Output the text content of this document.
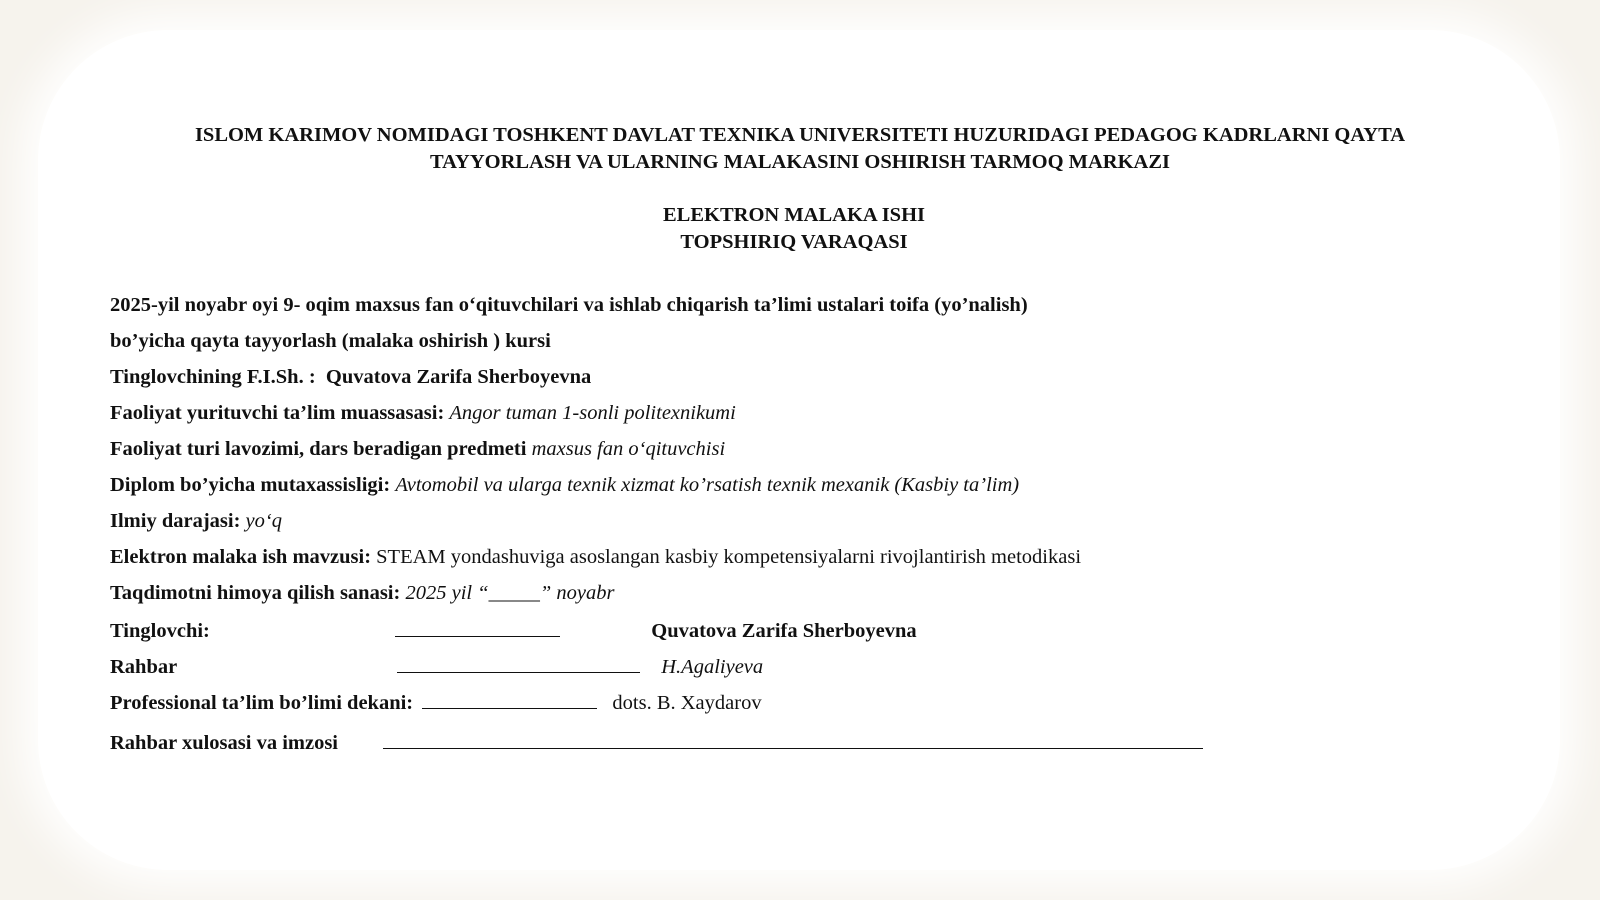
ISLOM KARIMOV NOMIDAGI TOSHKENT DAVLAT TEXNIKA UNIVERSITETI HUZURIDAGI PEDAGOG KADRLARNI QAYTA
TAYYORLASH VA ULARNING MALAKASINI OSHIRISH TARMOQ MARKAZI
ELEKTRON MALAKA ISHI
TOPSHIRIQ VARAQASI
2025-yil noyabr oyi 9- oqim maxsus fan o‘qituvchilari va ishlab chiqarish ta’limi ustalari toifa (yo’nalish)
bo’yicha qayta tayyorlash (malaka oshirish ) kursi
Tinglovchining F.I.Sh. : Quvatova Zarifa Sherboyevna
Faoliyat yurituvchi ta’lim muassasasi: Angor tuman 1-sonli politexnikumi
Faoliyat turi lavozimi, dars beradigan predmeti maxsus fan o‘qituvchisi
Diplom bo’yicha mutaxassisligi: Avtomobil va ularga texnik xizmat ko’rsatish texnik mexanik (Kasbiy ta’lim)
Ilmiy darajasi: yo‘q
Elektron malaka ish mavzusi: STEAM yondashuviga asoslangan kasbiy kompetensiyalarni rivojlantirish metodikasi
Taqdimotni himoya qilish sanasi: 2025 yil “_____” noyabr
Tinglovchi:	Quvatova Zarifa Sherboyevna
Rahbar	H.Agaliyeva
Professional ta’lim bo’limi dekani:	dots. B. Xaydarov
Rahbar xulosasi va imzosi
